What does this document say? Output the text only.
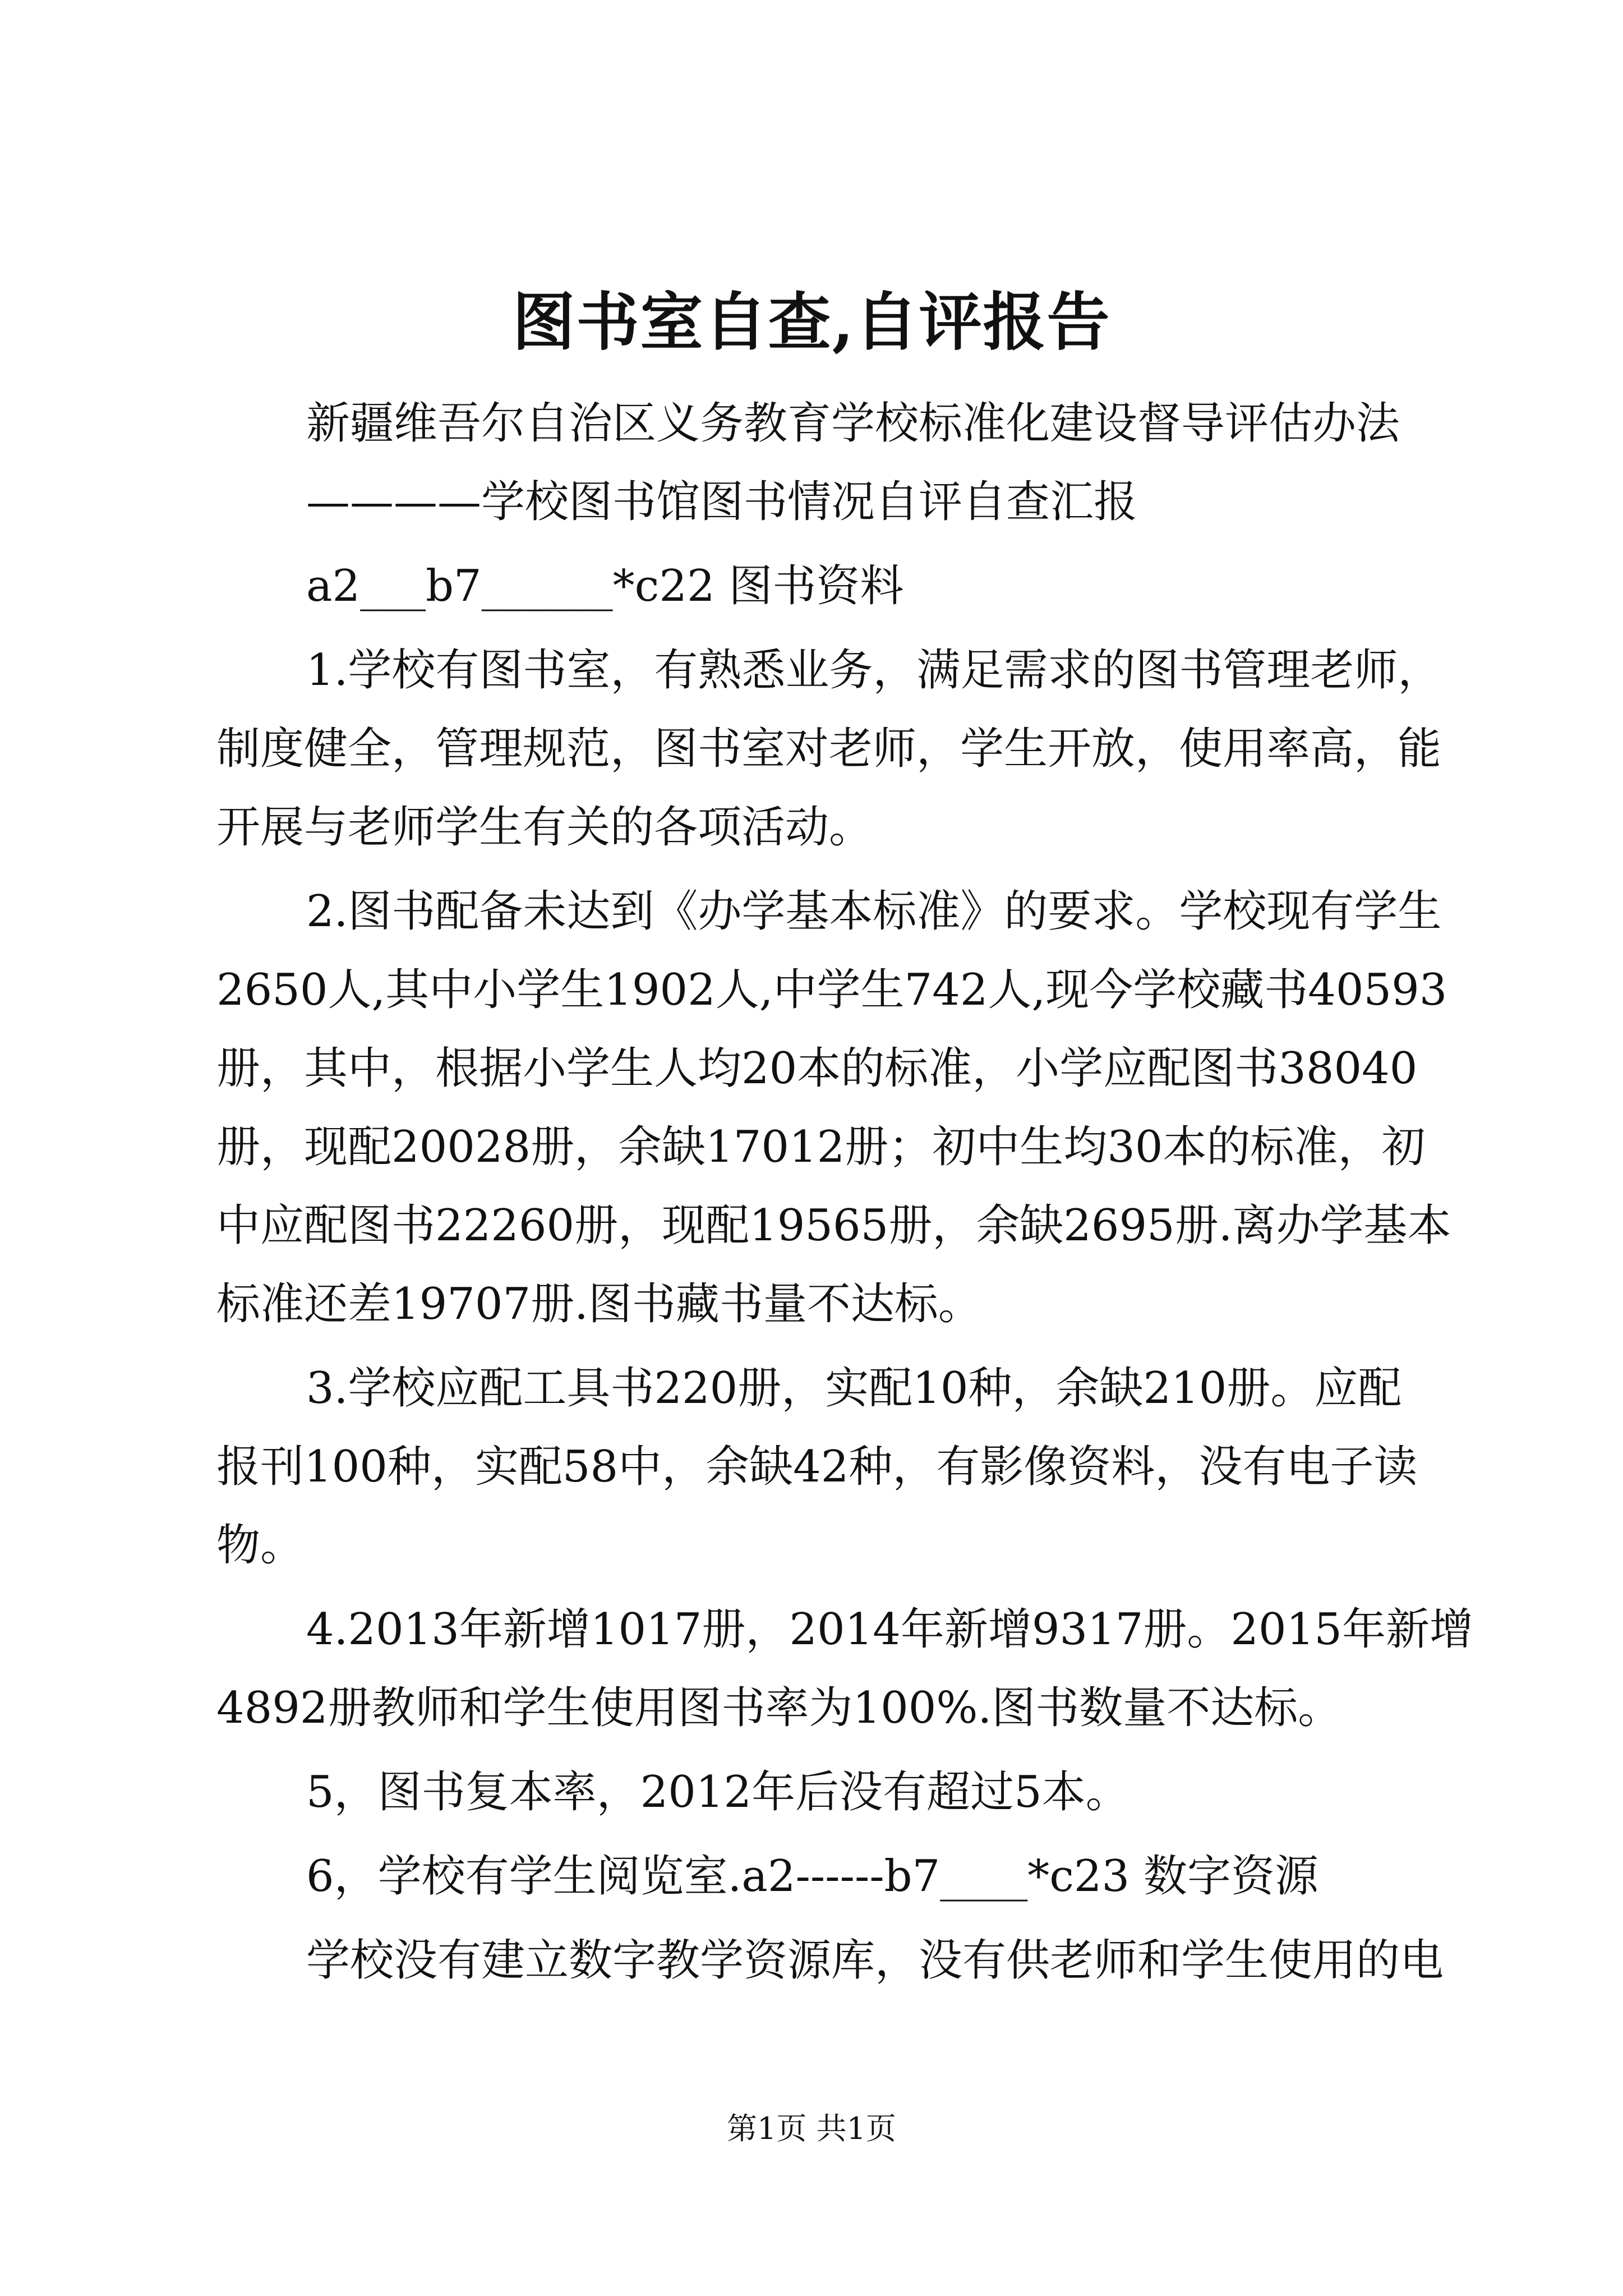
图书室自查,自评报告
新疆维吾尔自治区义务教育学校标准化建设督导评估办法
————学校图书馆图书情况自评自查汇报
a2___b7______*c22 图书资料
1.学校有图书室，有熟悉业务，满足需求的图书管理老师，
制度健全，管理规范，图书室对老师，学生开放，使用率高，能
开展与老师学生有关的各项活动。
2.图书配备未达到《办学基本标准》的要求。学校现有学生
2650人,其中小学生1902人,中学生742人,现今学校藏书40593
册，其中，根据小学生人均20本的标准，小学应配图书38040
册，现配20028册，余缺17012册；初中生均30本的标准，初
中应配图书22260册，现配19565册，余缺2695册.离办学基本
标准还差19707册.图书藏书量不达标。
3.学校应配工具书220册，实配10种，余缺210册。应配
报刊100种，实配58中，余缺42种，有影像资料，没有电子读
物。
4.2013年新增1017册，2014年新增9317册。2015年新增
4892册教师和学生使用图书率为100%.图书数量不达标。
5，图书复本率，2012年后没有超过5本。
6，学校有学生阅览室.a2------b7____*c23 数字资源
学校没有建立数字教学资源库，没有供老师和学生使用的电
第1页 共1页
